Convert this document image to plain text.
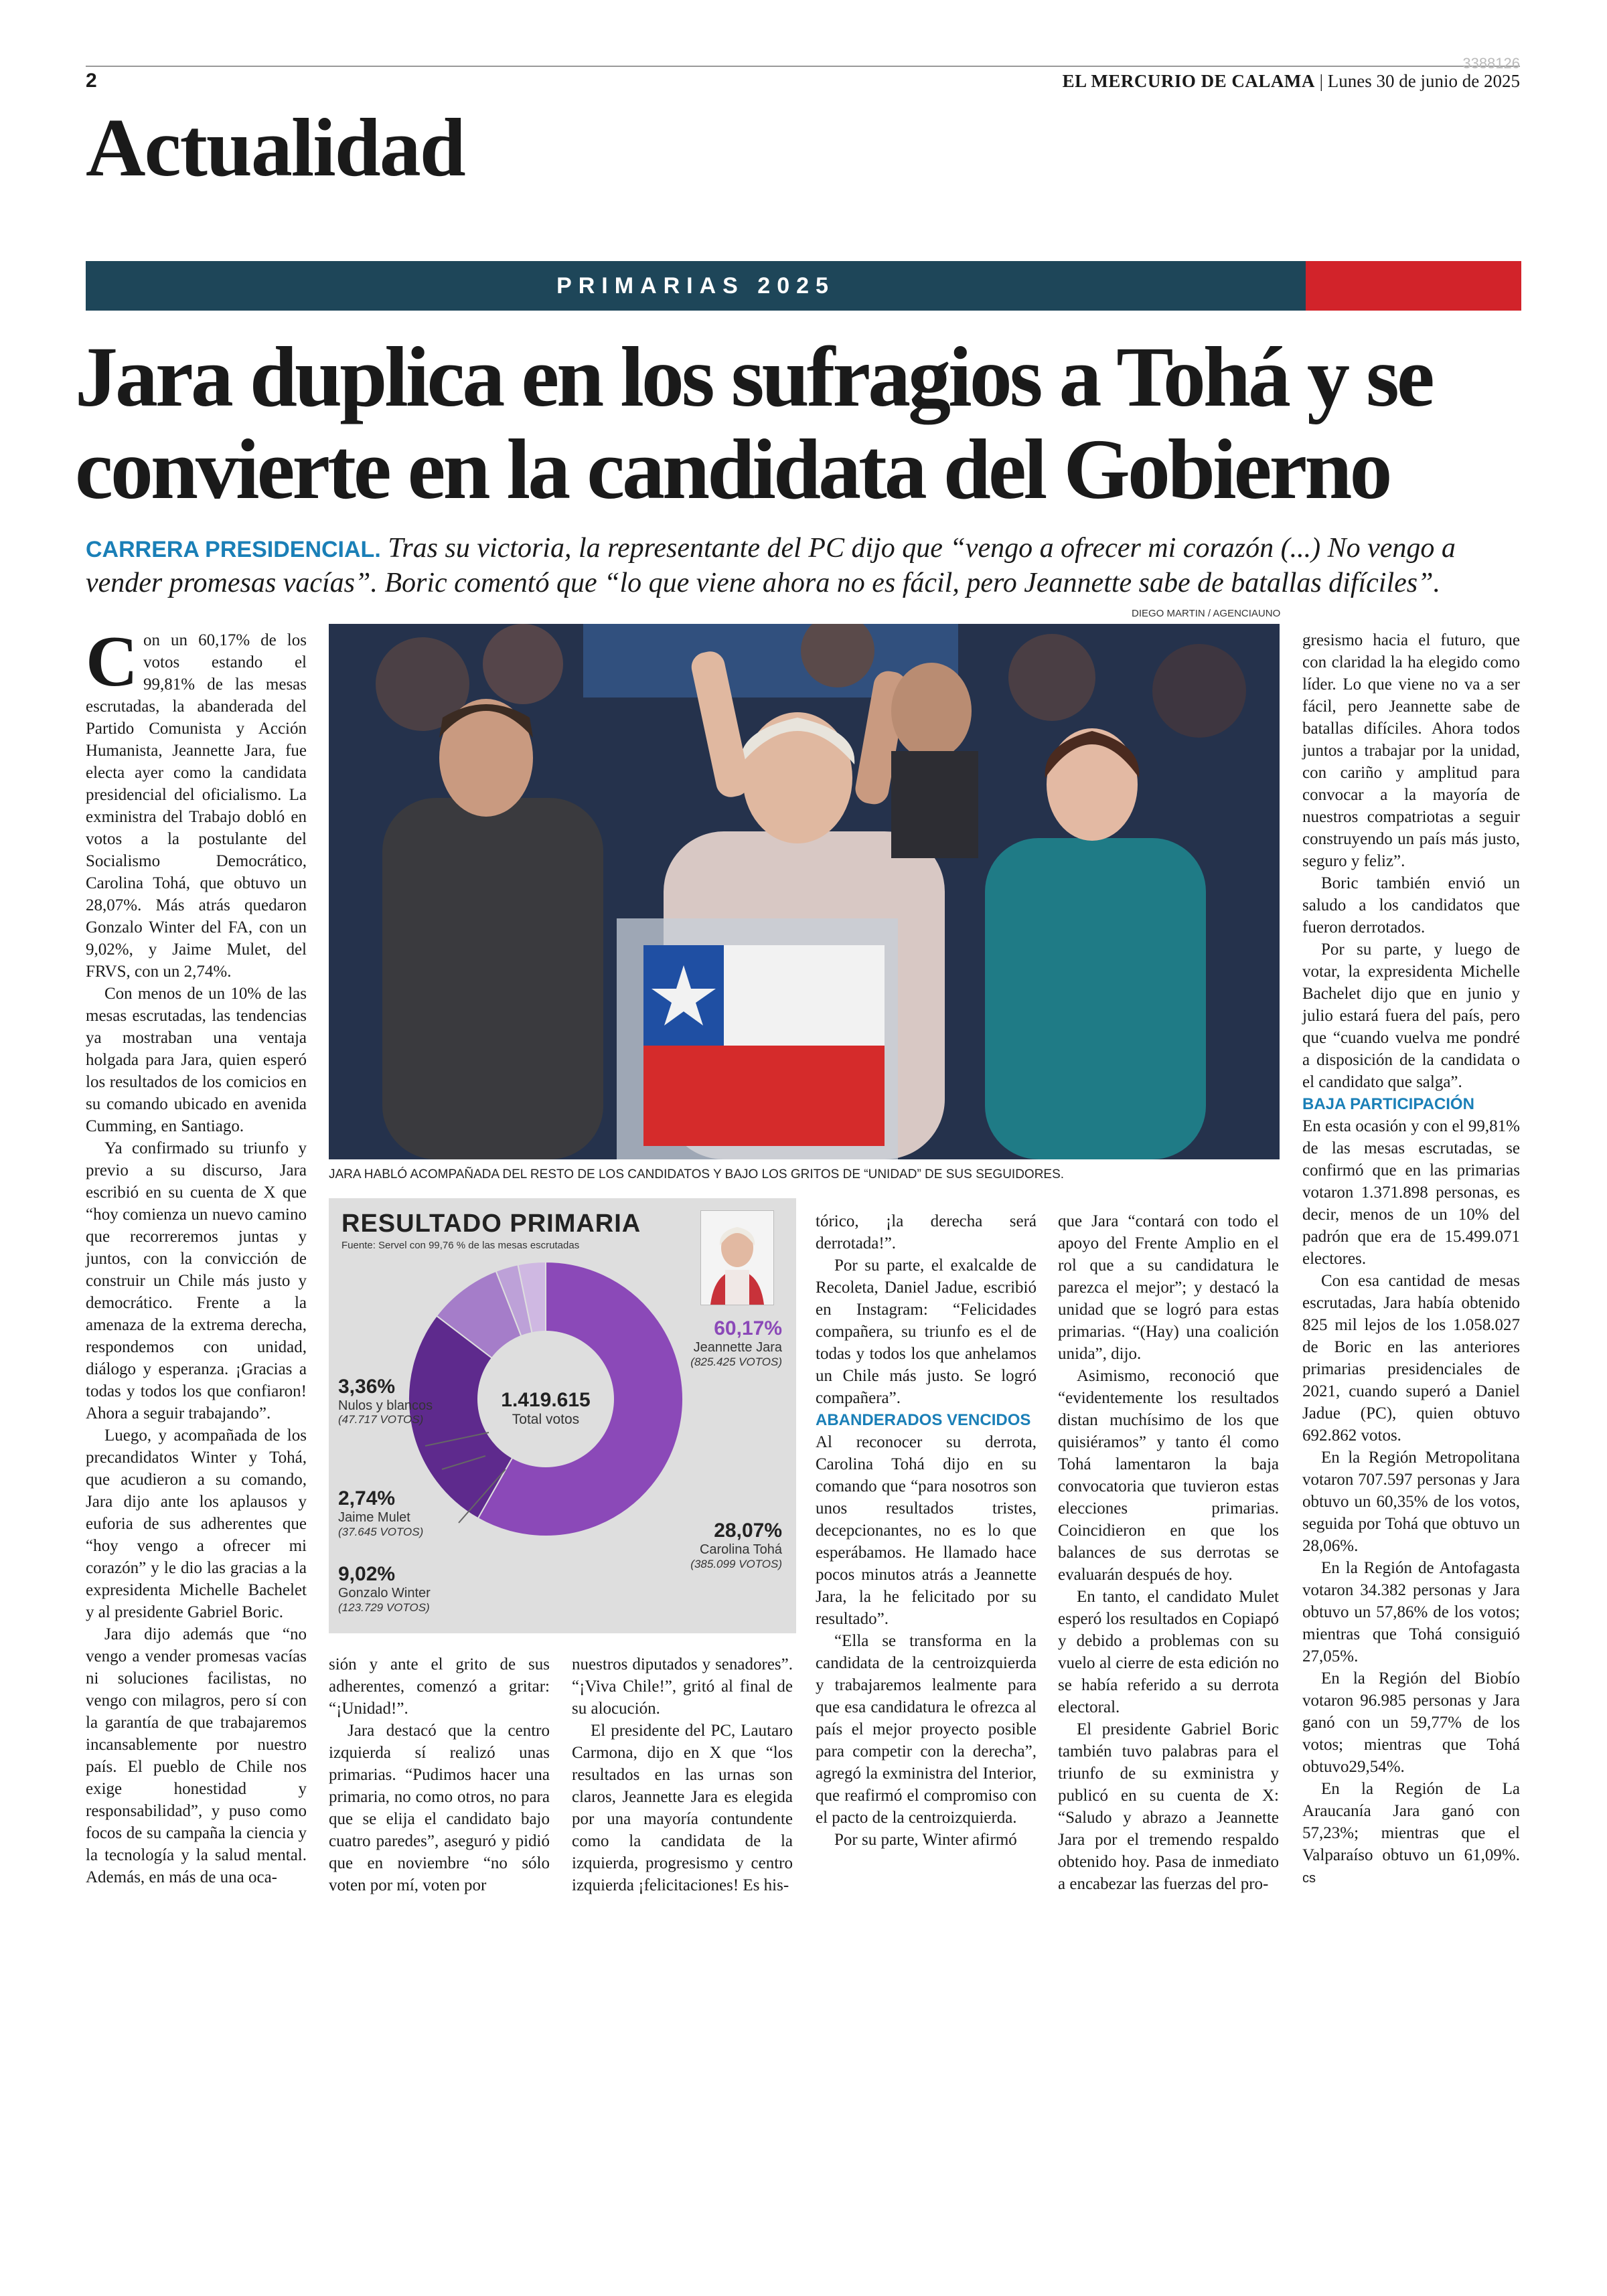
2
3388126
EL MERCURIO DE CALAMA | Lunes 30 de junio de 2025
Actualidad
PRIMARIAS 2025
Jara duplica en los sufragios a Tohá y se
convierte en la candidata del Gobierno
CARRERA PRESIDENCIAL. Tras su victoria, la representante del PC dijo que “vengo a ofrecer mi corazón (...) No vengo a vender promesas vacías”. Boric comentó que “lo que viene ahora no es fácil, pero Jeannette sabe de batallas difíciles”.
DIEGO MARTIN / AGENCIAUNO
JARA HABLÓ ACOMPAÑADA DEL RESTO DE LOS CANDIDATOS Y BAJO LOS GRITOS DE “UNIDAD” DE SUS SEGUIDORES.

Con un 60,17% de los votos estando el 99,81% de las mesas escrutadas, la abanderada del Partido Comunista y Acción Humanista, Jeannette Jara, fue electa ayer como la candidata presidencial del oficialismo. La exministra del Trabajo dobló en votos a la postulante del Socialismo Democrático, Carolina Tohá, que obtuvo un 28,07%. Más atrás quedaron Gonzalo Winter del FA, con un 9,02%, y Jaime Mulet, del FRVS, con un 2,74%.

Con menos de un 10% de las mesas escrutadas, las tendencias ya mostraban una ventaja holgada para Jara, quien esperó los resultados de los comicios en su comando ubicado en avenida Cumming, en Santiago.

Ya confirmado su triunfo y previo a su discurso, Jara escribió en su cuenta de X que “hoy comienza un nuevo camino que recorreremos juntas y juntos, con la convicción de construir un Chile más justo y democrático. Frente a la amenaza de la extrema derecha, respondemos con unidad, diálogo y esperanza. ¡Gracias a todas y todos los que confiaron! Ahora a seguir trabajando”.

Luego, y acompañada de los precandidatos Winter y Tohá, que acudieron a su comando, Jara dijo ante los aplausos y euforia de sus adherentes que “hoy vengo a ofrecer mi corazón” y le dio las gracias a la expresidenta Michelle Bachelet y al presidente Gabriel Boric.

Jara dijo además que “no vengo a vender promesas vacías ni soluciones facilistas, no vengo con milagros, pero sí con la garantía de que trabajaremos incansablemente por nuestro país. El pueblo de Chile nos exige honestidad y responsabilidad”, y puso como focos de su campaña la ciencia y la tecnología y la salud mental. Además, en más de una oca-

RESULTADO PRIMARIA
Fuente: Servel con 99,76 % de las mesas escrutadas
1.419.615
Total votos
60,17%
Jeannette Jara
(825.425 VOTOS)
28,07%
Carolina Tohá
(385.099 VOTOS)
3,36%
Nulos y blancos
(47.717 VOTOS)
2,74%
Jaime Mulet
(37.645 VOTOS)
9,02%
Gonzalo Winter
(123.729 VOTOS)

sión y ante el grito de sus adherentes, comenzó a gritar: “¡Unidad!”.

Jara destacó que la centro izquierda sí realizó unas primarias. “Pudimos hacer una primaria, no como otros, no para que se elija el candidato bajo cuatro paredes”, aseguró y pidió que en noviembre “no sólo voten por mí, voten por

nuestros diputados y senadores”. “¡Viva Chile!”, gritó al final de su alocución.

El presidente del PC, Lautaro Carmona, dijo en X que “los resultados en las urnas son claros, Jeannette Jara es elegida por una mayoría contundente como la candidata de la izquierda, progresismo y centro izquierda ¡felicitaciones! Es his-

tórico, ¡la derecha será derrotada!”.

Por su parte, el exalcalde de Recoleta, Daniel Jadue, escribió en Instagram: “Felicidades compañera, su triunfo es el de todas y todos los que anhelamos un Chile más justo. Se logró compañera”.

ABANDERADOS VENCIDOS

Al reconocer su derrota, Carolina Tohá dijo en su comando que “para nosotros son unos resultados tristes, decepcionantes, no es lo que esperábamos. He llamado hace pocos minutos atrás a Jeannette Jara, la he felicitado por su resultado”.

“Ella se transforma en la candidata de la centroizquierda y trabajaremos lealmente para que esa candidatura le ofrezca al país el mejor proyecto posible para competir con la derecha”, agregó la exministra del Interior, que reafirmó el compromiso con el pacto de la centroizquierda.

Por su parte, Winter afirmó

que Jara “contará con todo el apoyo del Frente Amplio en el rol que a su candidatura le parezca el mejor”; y destacó la unidad que se logró para estas primarias. “(Hay) una coalición unida”, dijo.

Asimismo, reconoció que “evidentemente los resultados distan muchísimo de los que quisiéramos” y tanto él como Tohá lamentaron la baja convocatoria que tuvieron estas elecciones primarias. Coincidieron en que los balances de sus derrotas se evaluarán después de hoy.

En tanto, el candidato Mulet esperó los resultados en Copiapó y debido a problemas con su vuelo al cierre de esta edición no se había referido a su derrota electoral.

El presidente Gabriel Boric también tuvo palabras para el triunfo de su exministra y publicó en su cuenta de X: “Saludo y abrazo a Jeannette Jara por el tremendo respaldo obtenido hoy. Pasa de inmediato a encabezar las fuerzas del pro-

gresismo hacia el futuro, que con claridad la ha elegido como líder. Lo que viene no va a ser fácil, pero Jeannette sabe de batallas difíciles. Ahora todos juntos a trabajar por la unidad, con cariño y amplitud para convocar a la mayoría de nuestros compatriotas a seguir construyendo un país más justo, seguro y feliz”.

Boric también envió un saludo a los candidatos que fueron derrotados.

Por su parte, y luego de votar, la expresidenta Michelle Bachelet dijo que en junio y julio estará fuera del país, pero que “cuando vuelva me pondré a disposición de la candidata o el candidato que salga”.

BAJA PARTICIPACIÓN

En esta ocasión y con el 99,81% de las mesas escrutadas, se confirmó que en las primarias votaron 1.371.898 personas, es decir, menos de un 10% del padrón que era de 15.499.071 electores.

Con esa cantidad de mesas escrutadas, Jara había obtenido 825 mil lejos de los 1.058.027 de Boric en las anteriores primarias presidenciales de 2021, cuando superó a Daniel Jadue (PC), quien obtuvo 692.862 votos.

En la Región Metropolitana votaron 707.597 personas y Jara obtuvo un 60,35% de los votos, seguida por Tohá que obtuvo un 28,06%.

En la Región de Antofagasta votaron 34.382 personas y Jara obtuvo un 57,86% de los votos; mientras que Tohá consiguió 27,05%.

En la Región del Biobío votaron 96.985 personas y Jara ganó con un 59,77% de los votos; mientras que Tohá obtuvo29,54%.

En la Región de La Araucanía Jara ganó con 57,23%; mientras que el Valparaíso obtuvo un 61,09%. cs
